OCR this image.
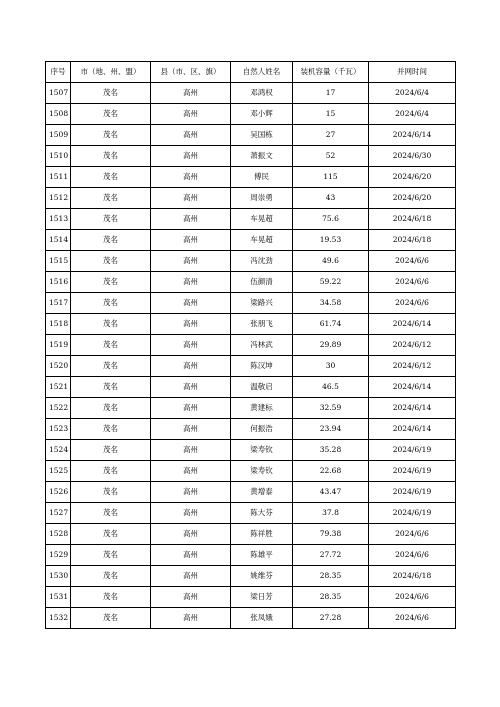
序号	市（地、州、盟）	县（市、区、旗）	自然人姓名	装机容量（千瓦）	并网时间
1507	茂名	高州	邓鸿权	17	2024/6/4
1508	茂名	高州	邓小辉	15	2024/6/4
1509	茂名	高州	吴国栋	27	2024/6/14
1510	茂名	高州	萧振文	52	2024/6/30
1511	茂名	高州	傅民	115	2024/6/20
1512	茂名	高州	周崇勇	43	2024/6/20
1513	茂名	高州	车晃超	75.6	2024/6/18
1514	茂名	高州	车晃超	19.53	2024/6/18
1515	茂名	高州	冯沈劲	49.6	2024/6/6
1516	茂名	高州	伍颜清	59.22	2024/6/6
1517	茂名	高州	梁路兴	34.58	2024/6/6
1518	茂名	高州	张朋飞	61.74	2024/6/14
1519	茂名	高州	冯林武	29.89	2024/6/12
1520	茂名	高州	陈汉坤	30	2024/6/12
1521	茂名	高州	温敬启	46.5	2024/6/14
1522	茂名	高州	黄建标	32.59	2024/6/14
1523	茂名	高州	何振浩	23.94	2024/6/14
1524	茂名	高州	梁寿钦	35.28	2024/6/19
1525	茂名	高州	梁寿钦	22.68	2024/6/19
1526	茂名	高州	黄增泰	43.47	2024/6/19
1527	茂名	高州	陈大芬	37.8	2024/6/19
1528	茂名	高州	陈祥胜	79.38	2024/6/6
1529	茂名	高州	陈雄平	27.72	2024/6/6
1530	茂名	高州	姚维芬	28.35	2024/6/18
1531	茂名	高州	梁日芳	28.35	2024/6/6
1532	茂名	高州	张凤娥	27.28	2024/6/6
